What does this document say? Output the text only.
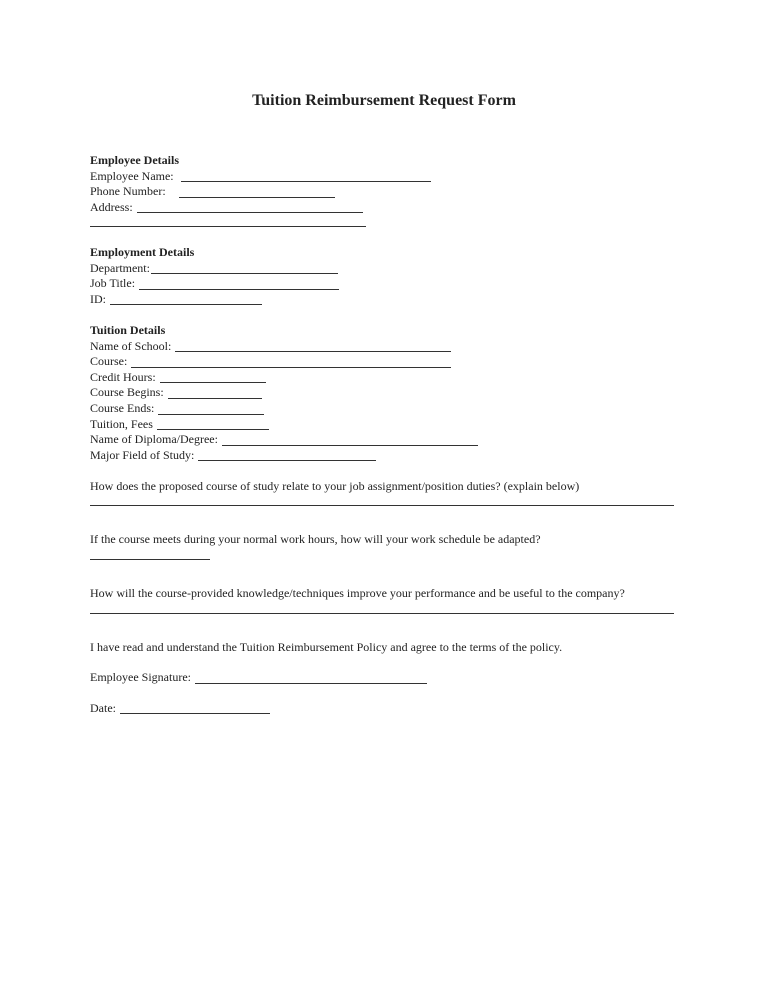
Tuition Reimbursement Request Form
Employee Details
Employee Name:
Phone Number:
Address:
Employment Details
Department:
Job Title:
ID:
Tuition Details
Name of School:
Course:
Credit Hours:
Course Begins:
Course Ends:
Tuition, Fees
Name of Diploma/Degree:
Major Field of Study:
How does the proposed course of study relate to your job assignment/position duties? (explain below)
If the course meets during your normal work hours, how will your work schedule be adapted?
How will the course-provided knowledge/techniques improve your performance and be useful to the company?
I have read and understand the Tuition Reimbursement Policy and agree to the terms of the policy.
Employee Signature:
Date:
